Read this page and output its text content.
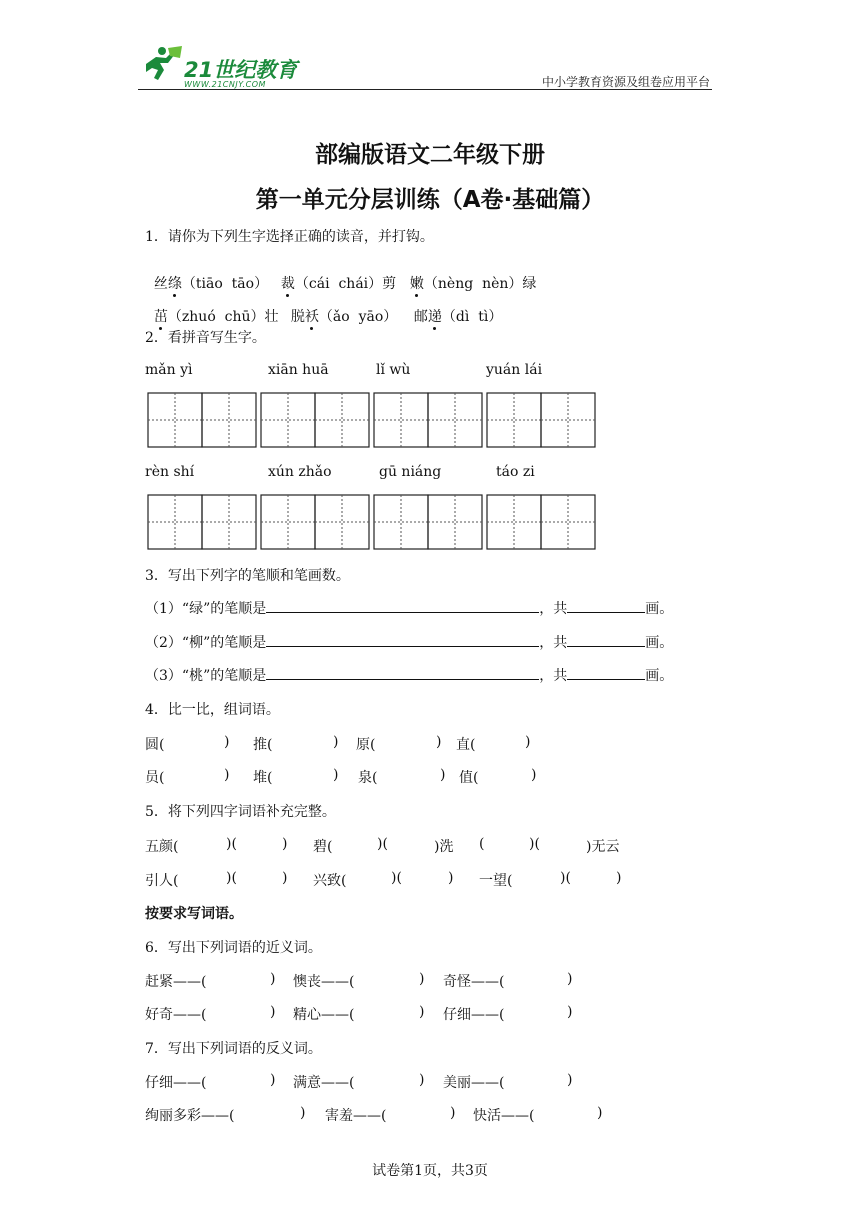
21世纪教育

WWW.21CNJY.COM	中小学教育资源及组卷应用平台
部编版语文二年级下册
第一单元分层训练（A卷·基础篇）
1．请你为下列生字选择正确的读音，并打钩。

丝绦（tiāo  tāo） 裁（cái  chái）剪 嫩（nèng  nèn）绿

茁（zhuó  chū）壮 脱袄（ǎo  yāo）	邮递（dì  tì）

2．看拼音写生字。
mǎn yì	xiān huā	lǐ wù	yuán lái
rèn shí	xún zhǎo	gū niáng	táo zi
3．写出下列字的笔顺和笔画数。
（1）“绿”的笔顺是	，共	画。
（2）“柳”的笔顺是	，共	画。
（3）“桃”的笔顺是	，共	画。
4．比一比，组词语。
圆(	) 推(	) 原(	) 直(	)
员(	) 堆(	) 泉(	) 值(	)
5．将下列四字词语补充完整。
五颜(	)(	) 碧(	)(	)洗 (	)(	)无云
引人(	)(	) 兴致(	)(	) 一望(	)(	)
按要求写词语。
6．写出下列词语的近义词。
赶紧——(	) 懊丧——(	) 奇怪——(	)
好奇——(	) 精心——(	) 仔细——(	)
7．写出下列词语的反义词。
仔细——(	) 满意——(	) 美丽——(	)
绚丽多彩——(	) 害羞——(	) 快活——(	)
试卷第1页，共3页
